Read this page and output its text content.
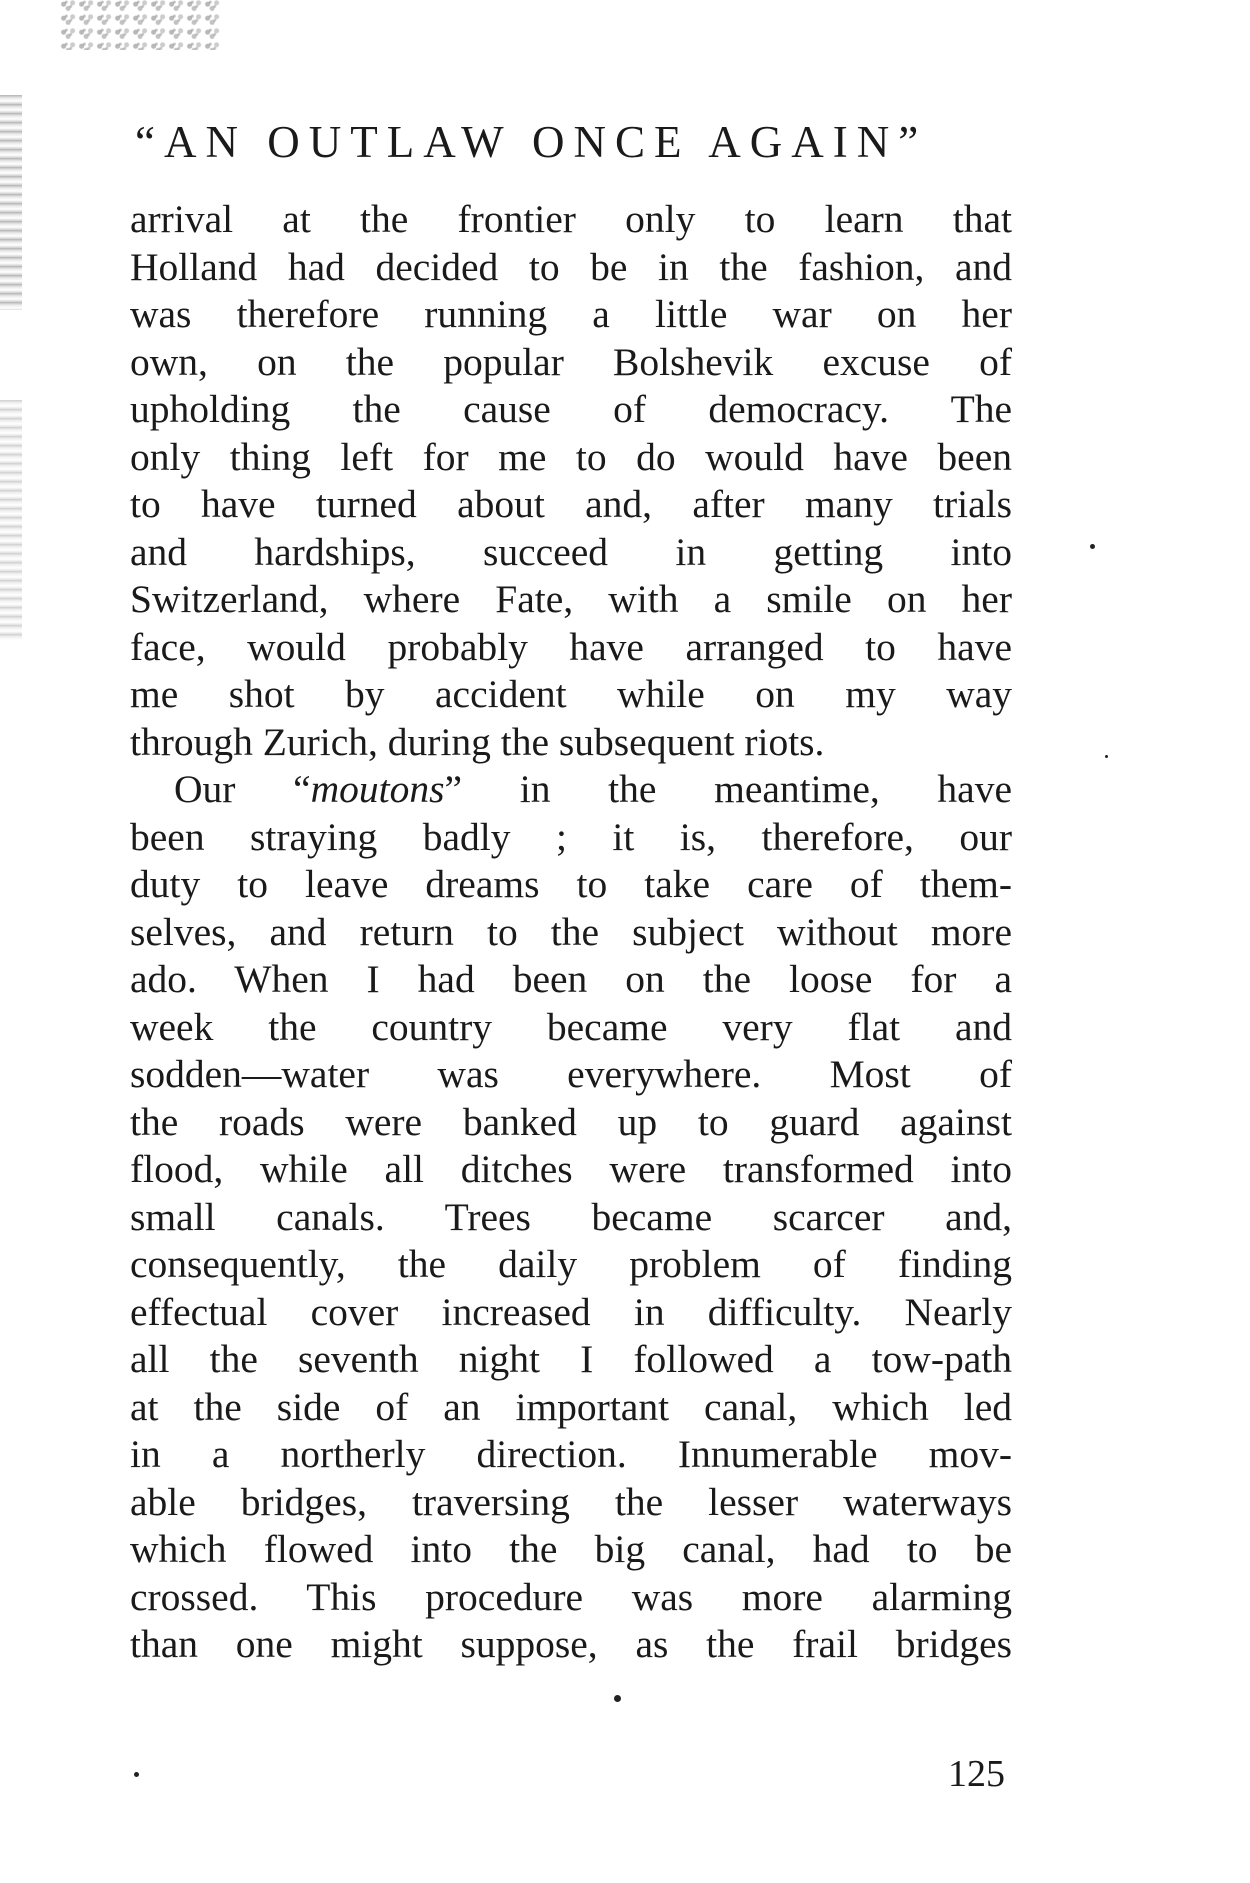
“AN OUTLAW ONCE AGAIN”
arrival at the frontier only to learn that
Holland had decided to be in the fashion, and
was therefore running a little war on her
own, on the popular Bolshevik excuse of
upholding the cause of democracy. The
only thing left for me to do would have been
to have turned about and, after many trials
and hardships, succeed in getting into
Switzerland, where Fate, with a smile on her
face, would probably have arranged to have
me shot by accident while on my way
through Zurich, during the subsequent riots.
Our “moutons” in the meantime, have
been straying badly ; it is, therefore, our
duty to leave dreams to take care of them-
selves, and return to the subject without more
ado. When I had been on the loose for a
week the country became very flat and
sodden—water was everywhere. Most of
the roads were banked up to guard against
flood, while all ditches were transformed into
small canals. Trees became scarcer and,
consequently, the daily problem of finding
effectual cover increased in difficulty. Nearly
all the seventh night I followed a tow-path
at the side of an important canal, which led
in a northerly direction. Innumerable mov-
able bridges, traversing the lesser waterways
which flowed into the big canal, had to be
crossed. This procedure was more alarming
than one might suppose, as the frail bridges
125
